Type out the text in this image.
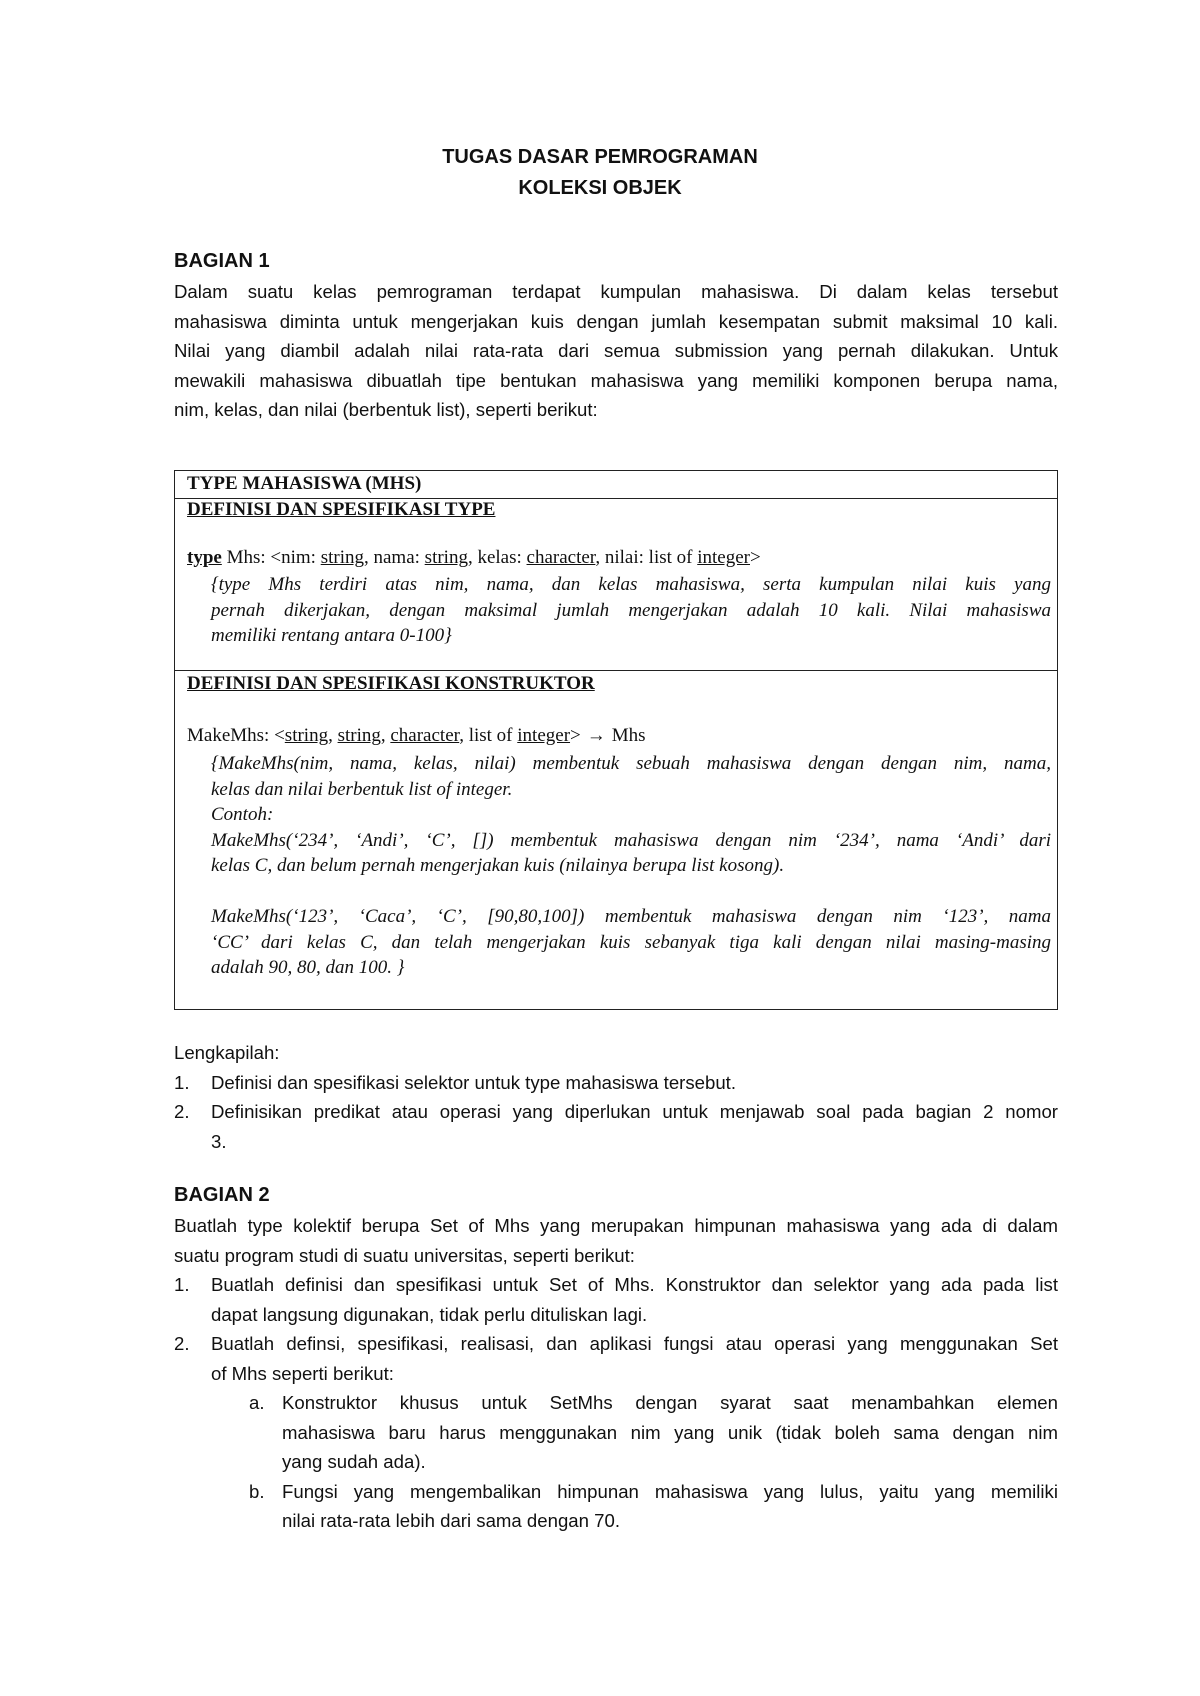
TUGAS DASAR PEMROGRAMAN
KOLEKSI OBJEK
BAGIAN 1
Dalam suatu kelas pemrograman terdapat kumpulan mahasiswa. Di dalam kelas tersebut
mahasiswa diminta untuk mengerjakan kuis dengan jumlah kesempatan submit maksimal 10 kali.
Nilai yang diambil adalah nilai rata-rata dari semua submission yang pernah dilakukan. Untuk
mewakili mahasiswa dibuatlah tipe bentukan mahasiswa yang memiliki komponen berupa nama,
nim, kelas, dan nilai (berbentuk list), seperti berikut:
TYPE MAHASISWA (MHS)
DEFINISI DAN SPESIFIKASI TYPE
type Mhs: <nim: string, nama: string, kelas: character, nilai: list of integer>
{type Mhs terdiri atas nim, nama, dan kelas mahasiswa, serta kumpulan nilai kuis yang
pernah dikerjakan, dengan maksimal jumlah mengerjakan adalah 10 kali. Nilai mahasiswa
memiliki rentang antara 0-100}
DEFINISI DAN SPESIFIKASI KONSTRUKTOR
MakeMhs: <string, string, character, list of integer> → Mhs
{MakeMhs(nim, nama, kelas, nilai) membentuk sebuah mahasiswa dengan dengan nim, nama,
kelas dan nilai berbentuk list of integer.
Contoh:
MakeMhs(‘234’, ‘Andi’, ‘C’, []) membentuk mahasiswa dengan nim ‘234’, nama ‘Andi’ dari
kelas C, dan belum pernah mengerjakan kuis (nilainya berupa list kosong).
MakeMhs(‘123’, ‘Caca’, ‘C’, [90,80,100]) membentuk mahasiswa dengan nim ‘123’, nama
‘CC’ dari kelas C, dan telah mengerjakan kuis sebanyak tiga kali dengan nilai masing-masing
adalah 90, 80, dan 100. }
Lengkapilah:
1.	Definisi dan spesifikasi selektor untuk type mahasiswa tersebut.
2.	Definisikan predikat atau operasi yang diperlukan untuk menjawab soal pada bagian 2 nomor
3.
BAGIAN 2
Buatlah type kolektif berupa Set of Mhs yang merupakan himpunan mahasiswa yang ada di dalam
suatu program studi di suatu universitas, seperti berikut:
1.	Buatlah definisi dan spesifikasi untuk Set of Mhs. Konstruktor dan selektor yang ada pada list
dapat langsung digunakan, tidak perlu dituliskan lagi.
2.	Buatlah definsi, spesifikasi, realisasi, dan aplikasi fungsi atau operasi yang menggunakan Set
of Mhs seperti berikut:
a. Konstruktor khusus untuk SetMhs dengan syarat saat menambahkan elemen
mahasiswa baru harus menggunakan nim yang unik (tidak boleh sama dengan nim
yang sudah ada).
b. Fungsi yang mengembalikan himpunan mahasiswa yang lulus, yaitu yang memiliki
nilai rata-rata lebih dari sama dengan 70.
